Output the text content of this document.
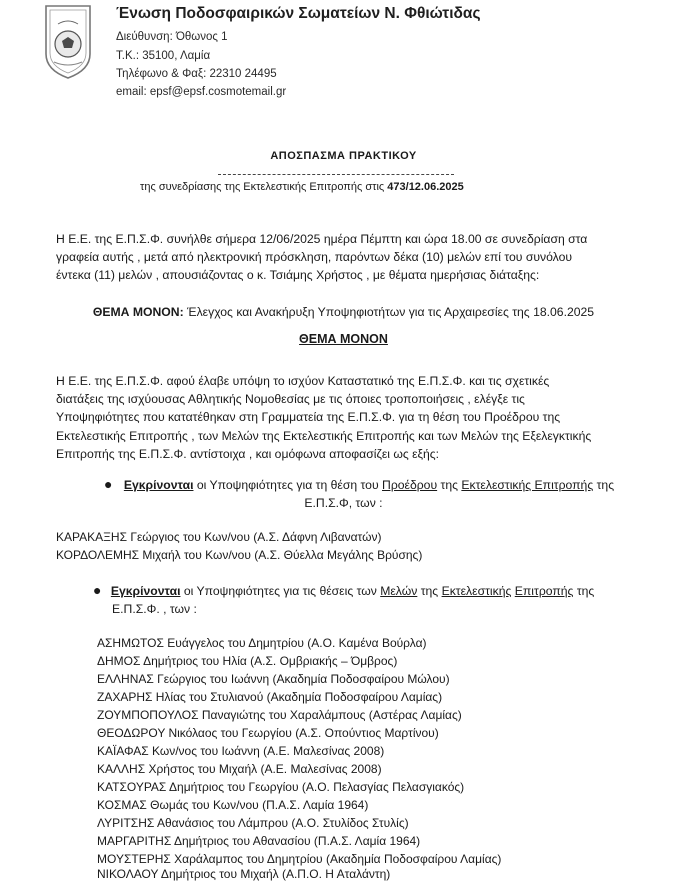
Ένωση Ποδοσφαιρικών Σωματείων Ν. Φθιώτιδας
Διεύθυνση: Όθωνος 1
Τ.Κ.: 35100, Λαμία
Τηλέφωνο & Φαξ: 22310 24495
email: epsf@epsf.cosmotemail.gr
ΑΠΟΣΠΑΣΜΑ ΠΡΑΚΤΙΚΟΥ
της συνεδρίασης της Εκτελεστικής Επιτροπής στις 473/12.06.2025
Η Ε.Ε. της Ε.Π.Σ.Φ. συνήλθε σήμερα 12/06/2025 ημέρα Πέμπτη και ώρα 18.00 σε συνεδρίαση στα
γραφεία αυτής , μετά από ηλεκτρονική πρόσκληση, παρόντων δέκα (10) μελών επί του συνόλου
έντεκα (11) μελών , απουσιάζοντας ο κ. Τσιάμης Χρήστος , με θέματα ημερήσιας διάταξης:
ΘΕΜΑ ΜΟΝΟΝ: Έλεγχος και Ανακήρυξη Υποψηφιοτήτων για τις Αρχαιρεσίες της 18.06.2025
ΘΕΜΑ ΜΟΝΟΝ
Η Ε.Ε. της Ε.Π.Σ.Φ. αφού έλαβε υπόψη το ισχύον Καταστατικό της Ε.Π.Σ.Φ. και τις σχετικές
διατάξεις της ισχύουσας Αθλητικής Νομοθεσίας με τις όποιες τροποποιήσεις , ελέγξε τις
Υποψηφιότητες που κατατέθηκαν στη Γραμματεία της Ε.Π.Σ.Φ. για τη θέση του Προέδρου της
Εκτελεστικής Επιτροπής , των Μελών της Εκτελεστικής Επιτροπής και των Μελών της Εξελεγκτικής
Επιτροπής της Ε.Π.Σ.Φ. αντίστοιχα , και ομόφωνα αποφασίζει ως εξής:
● Εγκρίνονται οι Υποψηφιότητες για τη θέση του Προέδρου της Εκτελεστικής Επιτροπής της
Ε.Π.Σ.Φ, των :
ΚΑΡΑΚΑΞΗΣ Γεώργιος του Κων/νου (Α.Σ. Δάφνη Λιβανατών)
ΚΟΡΔΟΛΕΜΗΣ Μιχαήλ του Κων/νου (Α.Σ. Θύελλα Μεγάλης Βρύσης)
● Εγκρίνονται οι Υποψηφιότητες για τις θέσεις των Μελών της Εκτελεστικής Επιτροπής της
Ε.Π.Σ.Φ. , των :
ΑΣΗΜΩΤΟΣ Ευάγγελος του Δημητρίου (Α.Ο. Καμένα Βούρλα)
ΔΗΜΟΣ Δημήτριος του Ηλία (Α.Σ. Ομβριακής – Όμβρος)
ΕΛΛΗΝΑΣ Γεώργιος του Ιωάννη (Ακαδημία Ποδοσφαίρου Μώλου)
ΖΑΧΑΡΗΣ Ηλίας του Στυλιανού (Ακαδημία Ποδοσφαίρου Λαμίας)
ΖΟΥΜΠΟΠΟΥΛΟΣ Παναγιώτης του Χαραλάμπους (Αστέρας Λαμίας)
ΘΕΟΔΩΡΟΥ Νικόλαος του Γεωργίου (Α.Σ. Οπούντιος Μαρτίνου)
ΚΑΪΑΦΑΣ Κων/νος του Ιωάννη (Α.Ε. Μαλεσίνας 2008)
ΚΑΛΛΗΣ Χρήστος του Μιχαήλ (Α.Ε. Μαλεσίνας 2008)
ΚΑΤΣΟΥΡΑΣ Δημήτριος του Γεωργίου (Α.Ο. Πελασγίας Πελασγιακός)
ΚΟΣΜΑΣ Θωμάς του Κων/νου (Π.Α.Σ. Λαμία 1964)
ΛΥΡΙΤΣΗΣ Αθανάσιος του Λάμπρου (Α.Ο. Στυλίδος Στυλίς)
ΜΑΡΓΑΡΙΤΗΣ Δημήτριος του Αθανασίου (Π.Α.Σ. Λαμία 1964)
ΜΟΥΣΤΕΡΗΣ Χαράλαμπος του Δημητρίου (Ακαδημία Ποδοσφαίρου Λαμίας)
ΝΙΚΟΛΑΟΥ Δημήτριος του Μιχαήλ (Α.Π.Ο. Η Αταλάντη)
